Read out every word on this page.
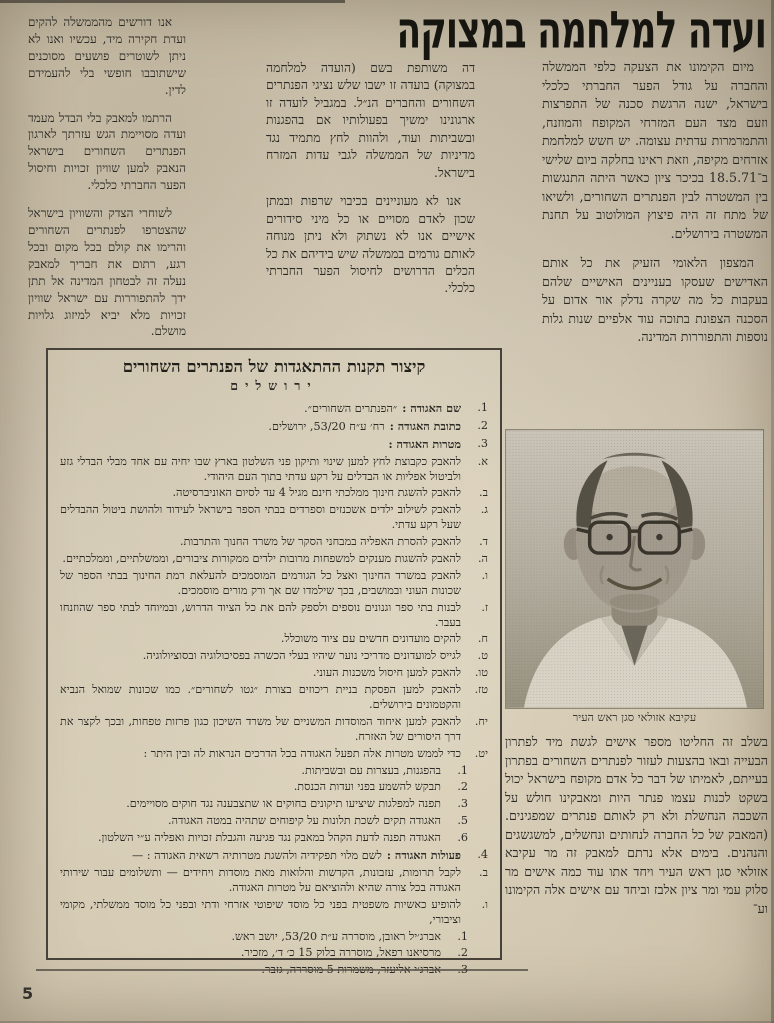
ועדה למלחמה במצוקה

אנו דורשים מהממשלה להקים ועדת חקירה מיד, עכשיו ואנו לא ניתן לשוטרים פושעים מסוכנים שישתובבו חופשי בלי להעמידם לדין.

הרתמו למאבק בלי הבדל מעמד ועדה מסויימת הגש עזרתך לארגון הפנתרים השחורים בישראל הנאבק למען שוויון זכויות וחיסול הפער החברתי כלכלי.

לשוחרי הצדק והשוויון בישראל שהצטרפו לפנתרים השחורים והרימו את קולם בכל מקום ובכל רגע, רתום את חבריך למאבק נעלה זה לבטחון המדינה אל תתן ידך להתפוררות עם ישראל שוויון זכויות מלא יביא למיזוג גלויות מושלם.

דה משותפת בשם (הועדה למלחמה במצוקה) בועדה זו ישבו שלש נציגי הפנתרים השחורים והחברים הנ״ל. במגביל לועדה זו ארגונינו ימשיך בפעולותיו אם בהפגנות ובשביתות ועוד, ולהוות לחץ מתמיד נגד מדיניות של הממשלה לגבי עדות המזרח בישראל.

אנו לא מעוניינים בכיבוי שרפות ובמתן שכון לאדם מסויים או כל מיני סידורים אישיים אנו לא נשתוק ולא ניתן מנוחה לאותם גורמים בממשלה שיש בידיהם את כל הכלים הדרושים לחיסול הפער החברתי כלכלי.

מיום הקימונו את הצעקה כלפי הממשלה והחברה על גודל הפער החברתי כלכלי בישראל, ישנה הרגשת סכנה של התפרצות וזעם מצד העם המזרחי המקופח והמוזנח, והתמרמרות עדתית עצומה. יש חשש למלחמת אזרחים מקיפה, וזאת ראינו בחלקה ביום שלישי ב־18.5.71 בכיכר ציון כאשר היתה התנגשות בין המשטרה לבין הפנתרים השחורים, ולשיאו של מתח זה היה פיצוץ המולוטוב על תחנת המשטרה בירושלים.

המצפון הלאומי הזעיק את כל אותם האדישים שעסקו בעניינים האישיים שלהם בעקבות כל מה שקרה נדלק אור אדום על הסכנה הצפונת בתוכה עוד אלפיים שנות גלות נוספות והתפוררות המדינה.

עקיבא אזולאי סגן ראש העיר

בשלב זה החליטו מספר אישים לגשת מיד לפתרון הבעייה ובאו בהצעות לעזור לפנתרים השחורים בפתרון בעייתם, לאמיתו של דבר כל אדם מקופח בישראל יכול בשקט לכנות עצמו פנתר היות ומאבקינו חולש על השכבה הנחשלת ולא רק לאותם פנתרים שמפגינים. (המאבק של כל החברה לנחותים ונחשלים, למשגשגים והנהנים. בימים אלא נרתם למאבק זה מר עקיבא אזולאי סגן ראש העיר ויחד אתו עוד כמה אישים מר סלוק עמי ומר ציון אלבז וביחד עם אישים אלה הקימונו וע־

קיצור תקנות ההתאגדות של הפנתרים השחורים
ירושלים
1.
שם האגודה :״הפנתרים השחורים״.
2.
כתובת האגודה :רח׳ ע״ח 53/20, ירושלים.
3.
מטרות האגודה :
א.
להאבק כקבוצת לחץ למען שינוי ותיקון פני השלטון בארץ שבו יחיה עם אחד מבלי הבדלי גזע ולביטול אפליות או הבדלים על רקע עדתי בתוך העם היהודי.
ב.
להאבק להשגת חינוך ממלכתי חינם מגיל 4 עד לסיום האוניברסיטה.
ג.
להאבק לשילוב ילדים אשכנזים וספרדים בבתי הספר בישראל לעידוד ולהושת ביטול ההבדלים שעל רקע עדתי.
ד.
להאבק להסרת האפליה במבחני הסקר של משרד החנוך והתרבות.
ה.
להאבק להשגות מענקים למשפחות מרובות ילדים ממקורות ציבורים, וממשלתיים, וממלכתיים.
ו.
להאבק במשרד החינוך ואצל כל הגורמים המוסמכים להעלאת רמת החינוך בבתי הספר של שכונות העוני ובמושבים, בכך שילמדו שם אך ורק מורים מוסמכים.
ז.
לבנות בתי ספר וגנונים נוספים ולספק להם את כל הציוד הדרוש, ובמיוחד לבתי ספר שהוזנחו בעבר.
ח.
להקים מועדונים חדשים עם ציוד משוכלל.
ט.
לגייס למועדונים מדריכי נוער שיהיו בעלי הכשרה בפסיכולוגיה ובסוציולוגיה.
טו.
להאבק למען חיסול משכנות העוני.
טז.
להאבק למען הפסקת בניית ריכוזים בצורת ״גטו לשחורים״. כמו שכונות שמואל הנביא והקטמונים בירושלים.
יח.
להאבק למען איחוד המוסדות המשניים של משרד השיכון כגון פרזות טפחות, ובכך לקצר את דרך היסורים של האזרח.
יט.
כדי לממש מטרות אלה תפעל האגודה בכל הדרכים הנראות לה ובין היתר :
1.
בהפגנות, בעצרות עם ובשביתות.
2.
תבקש להשמע בפני ועדות הכנסת.
3.
תפנה למפלגות שיציעו תיקונים בחוקים או שתצבענה נגד חוקים מסויימים.
5.
האגודה תקים לשכת תלונות על קיפוחים שתהיה במטה האגודה.
6.
האגודה תפנה לדעת הקהל במאבק נגד פגיעה והגבלת זכויות ואפליה ע״י השלטון.
4.
פעולות האגודה :לשם מלוי תפקידיה ולהשגת מטרותיה רשאית האגודה : —
ב.
לקבל תרומות, עזבונות, הקדשות והלואות מאת מוסדות ויחידים — ותשלומים עבור שירותי האגודה בכל צורה שהיא ולהוציאם על מטרות האגודה.
ו.
להופיע כאשיות משפטית בפני כל מוסד שיפוטי אזרחי ודתי ובפני כל מוסד ממשלתי, מקומי וציבורי,
1.
אברג׳יל ראובן, מוסררה ע״ת 53/20, יושב ראש.
2.
מרסיאנו רפאל, מוסררה בלוק 15 כ׳ ד׳, מזכיר.
5
